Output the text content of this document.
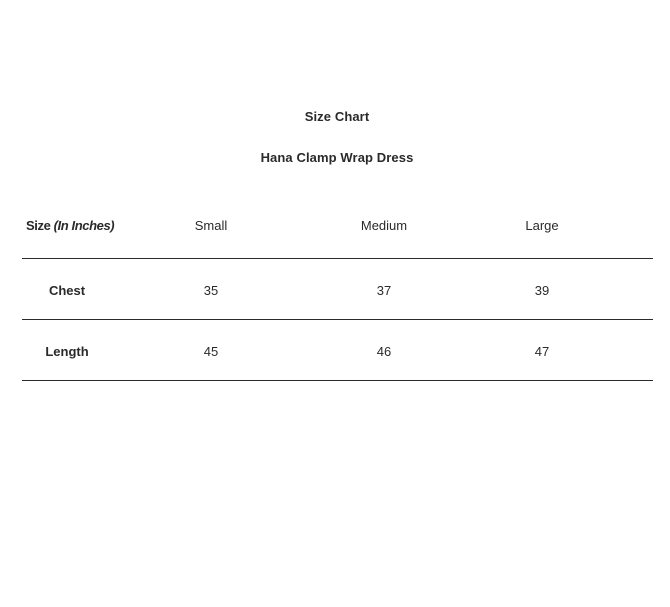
Size Chart
Hana Clamp Wrap Dress
Size (In Inches)	Small	Medium	Large
Chest	35	37	39
Length	45	46	47
